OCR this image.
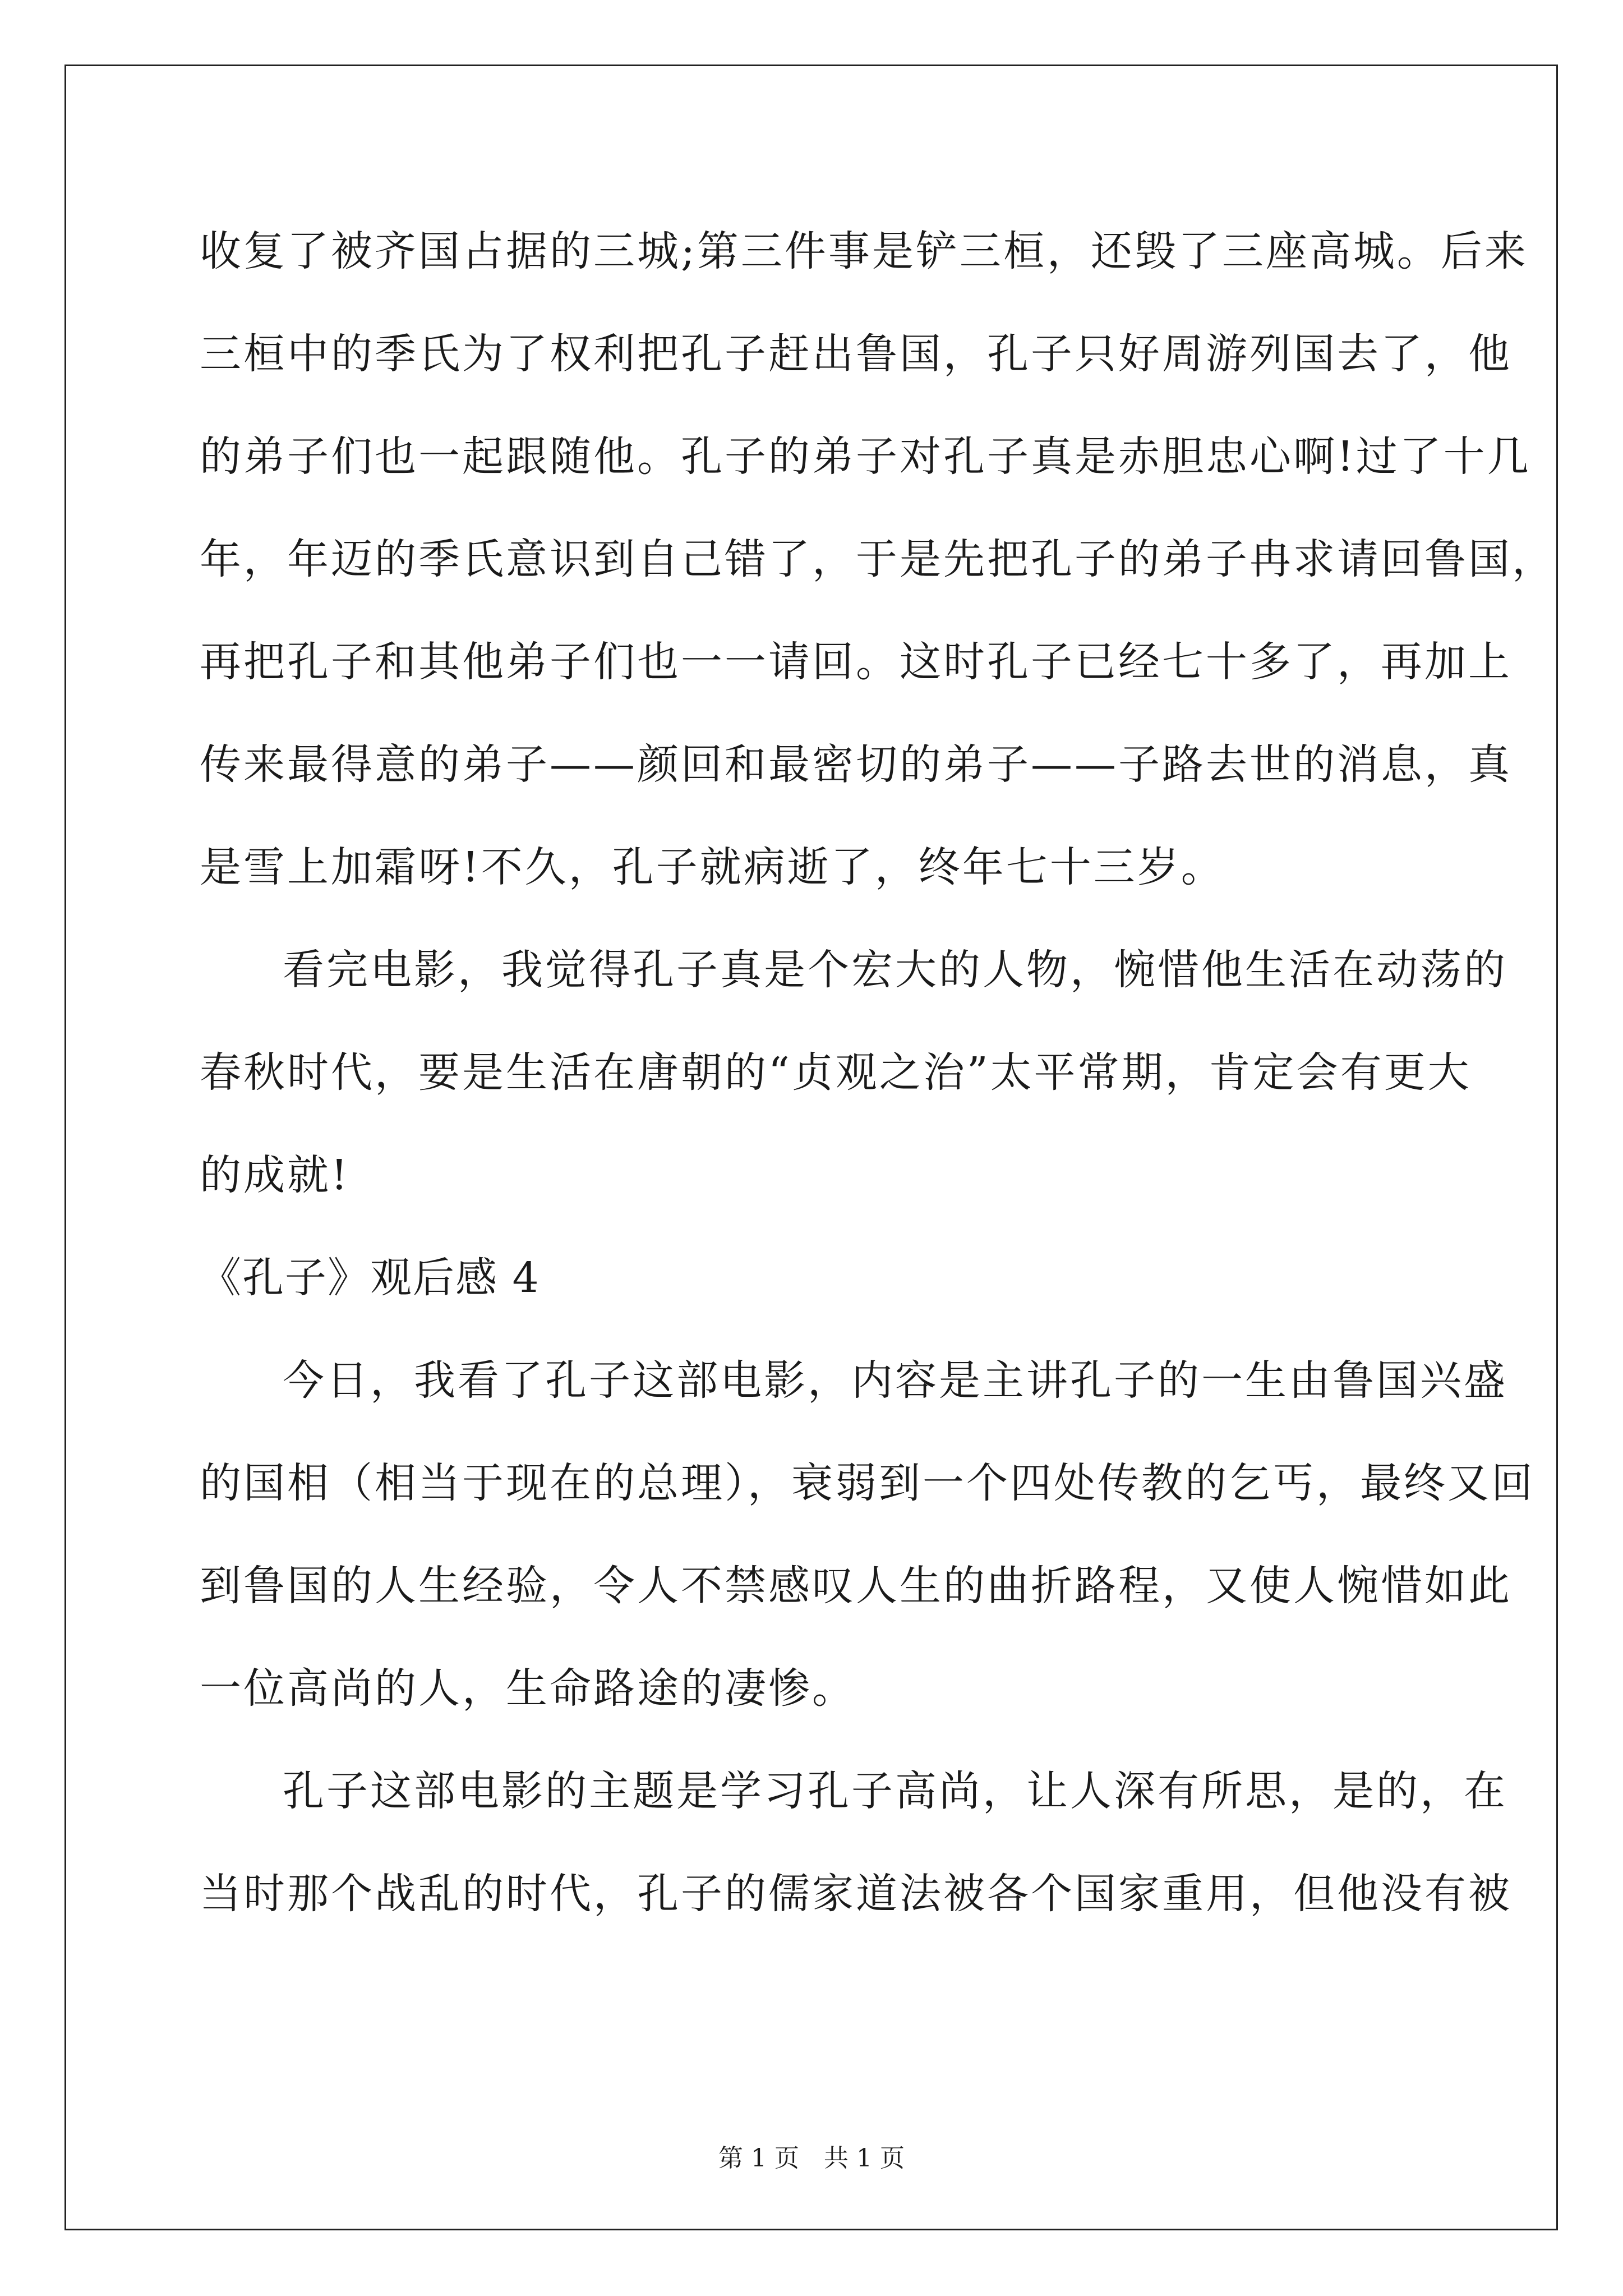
收复了被齐国占据的三城;第三件事是铲三桓，还毁了三座高城。后来
三桓中的季氏为了权利把孔子赶出鲁国，孔子只好周游列国去了，他
的弟子们也一起跟随他。孔子的弟子对孔子真是赤胆忠心啊!过了十几
年，年迈的季氏意识到自己错了，于是先把孔子的弟子冉求请回鲁国，
再把孔子和其他弟子们也一一请回。这时孔子已经七十多了，再加上
传来最得意的弟子——颜回和最密切的弟子——子路去世的消息，真
是雪上加霜呀!不久，孔子就病逝了，终年七十三岁。
看完电影，我觉得孔子真是个宏大的人物，惋惜他生活在动荡的
春秋时代，要是生活在唐朝的“贞观之治”太平常期，肯定会有更大
的成就!
《孔子》观后感 4
今日，我看了孔子这部电影，内容是主讲孔子的一生由鲁国兴盛
的国相（相当于现在的总理），衰弱到一个四处传教的乞丐，最终又回
到鲁国的人生经验，令人不禁感叹人生的曲折路程，又使人惋惜如此
一位高尚的人，生命路途的凄惨。
孔子这部电影的主题是学习孔子高尚，让人深有所思，是的，在
当时那个战乱的时代，孔子的儒家道法被各个国家重用，但他没有被
第 1 页　共 1 页
